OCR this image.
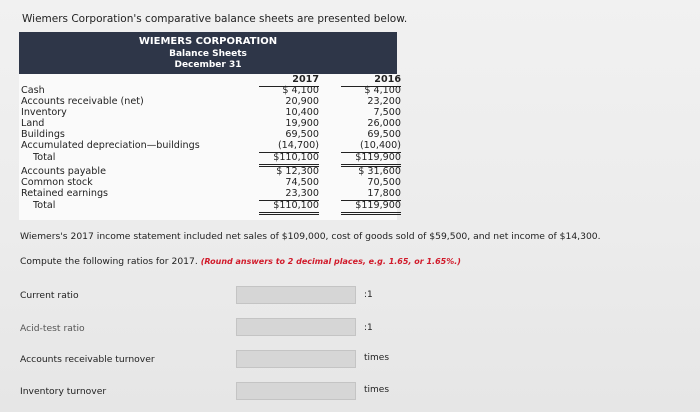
Wiemers Corporation's comparative balance sheets are presented below.
WIEMERS CORPORATION
Balance Sheets
December 31
2017	2016
Cash	$ 4,100	$ 4,100
Accounts receivable (net)	20,900	23,200
Inventory	10,400	7,500
Land	19,900	26,000
Buildings	69,500	69,500
Accumulated depreciation—buildings	(14,700)	(10,400)
Total	$110,100	$119,900
Accounts payable	$ 12,300	$ 31,600
Common stock	74,500	70,500
Retained earnings	23,300	17,800
Total	$110,100	$119,900
Wiemers's 2017 income statement included net sales of $109,000, cost of goods sold of $59,500, and net income of $14,300.
Compute the following ratios for 2017. (Round answers to 2 decimal places, e.g. 1.65, or 1.65%.)
Current ratio	:1
Acid-test ratio	:1
Accounts receivable turnover	times
Inventory turnover	times
